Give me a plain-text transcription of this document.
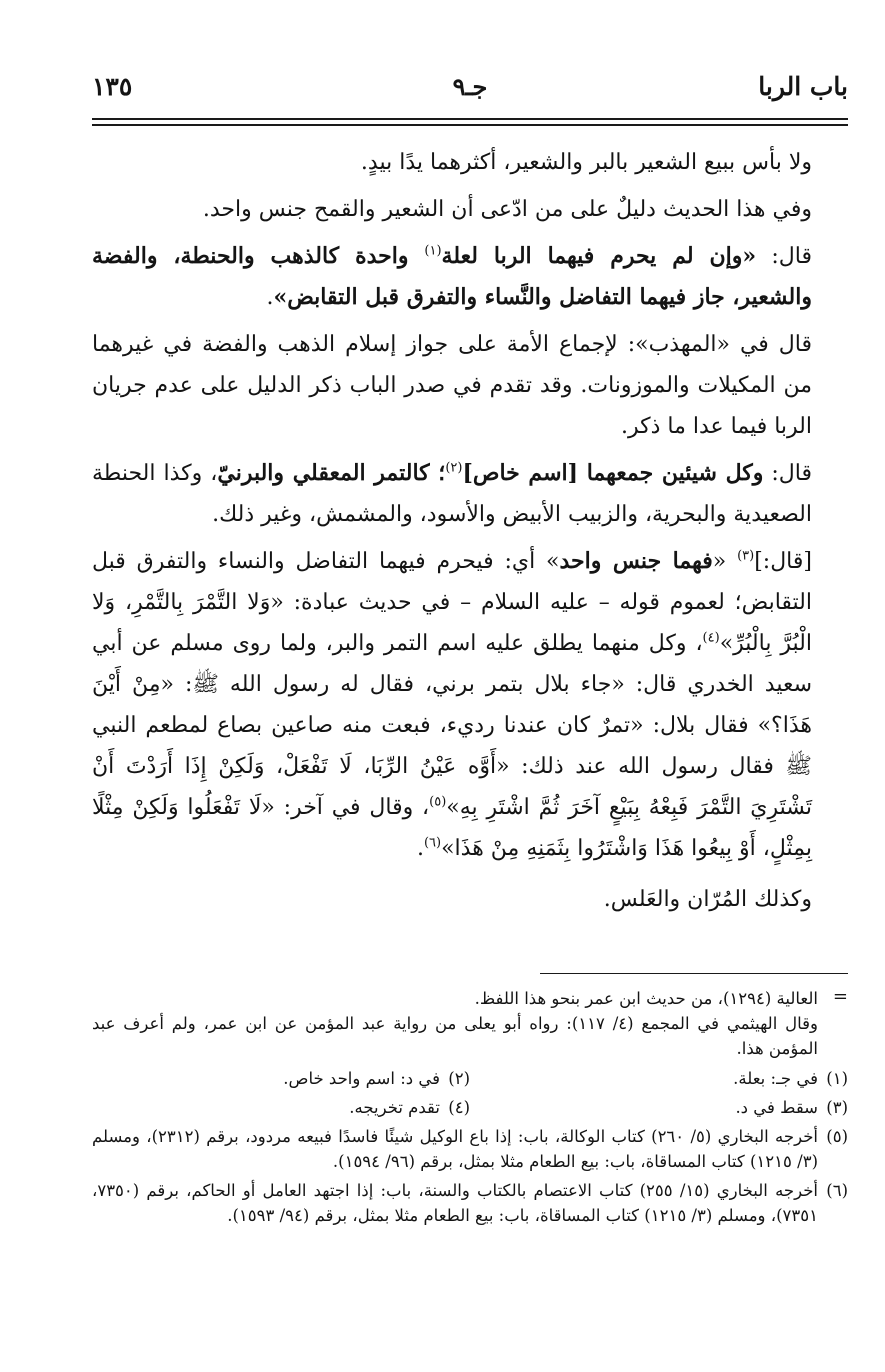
باب الربا
جـ٩
١٣٥

ولا بأس ببيع الشعير بالبر والشعير، أكثرهما يدًا بيدٍ.

وفي هذا الحديث دليلٌ على من ادّعى أن الشعير والقمح جنس واحد.

قال: «وإن لم يحرم فيهما الربا لعلة$^{(١)}$ واحدة كالذهب والحنطة، والفضة والشعير، جاز فيهما التفاضل والنَّساء والتفرق قبل التقابض».

قال في «المهذب»: لإجماع الأمة على جواز إسلام الذهب والفضة في غيرهما من المكيلات والموزونات. وقد تقدم في صدر الباب ذكر الدليل على عدم جريان الربا فيما عدا ما ذكر.

قال: وكل شيئين جمعهما [اسم خاص]$^{(٢)}$؛ كالتمر المعقلي والبرنيّ، وكذا الحنطة الصعيدية والبحرية، والزبيب الأبيض والأسود، والمشمش، وغير ذلك.

[قال:]$^{(٣)}$ «فهما جنس واحد» أي: فيحرم فيهما التفاضل والنساء والتفرق قبل التقابض؛ لعموم قوله – عليه السلام – في حديث عبادة: «وَلا التَّمْرَ بِالتَّمْرِ، وَلا الْبُرَّ بِالْبُرِّ»$^{(٤)}$، وكل منهما يطلق عليه اسم التمر والبر، ولما روى مسلم عن أبي سعيد الخدري قال: «جاء بلال بتمر برني، فقال له رسول الله ﷺ: «مِنْ أَيْنَ هَذَا؟» فقال بلال: «تمرٌ كان عندنا رديء، فبعت منه صاعين بصاع لمطعم النبي ﷺ فقال رسول الله عند ذلك: «أَوَّه عَيْنُ الرِّبَا، لَا تَفْعَلْ، وَلَكِنْ إِذَا أَرَدْتَ أَنْ تَشْتَرِيَ التَّمْرَ فَبِعْهُ بِبَيْعٍ آخَرَ ثُمَّ اشْتَرِ بِهِ»$^{(٥)}$، وقال في آخر: «لَا تَفْعَلُوا وَلَكِنْ مِثْلًا بِمِثْلٍ، أَوْ بِيعُوا هَذَا وَاشْتَرُوا بِثَمَنِهِ مِنْ هَذَا»$^{(٦)}$.

وكذلك المُرّان والعَلس.

=
العالية (١٢٩٤)، من حديث ابن عمر بنحو هذا اللفظ.
وقال الهيثمي في المجمع (٤/ ١١٧): رواه أبو يعلى من رواية عبد المؤمن عن ابن عمر، ولم أعرف عبد المؤمن هذا.
(١)
في جـ: بعلة.
(٢)
في د: اسم واحد خاص.
(٣)
سقط في د.
(٤)
تقدم تخريجه.
(٥)
أخرجه البخاري (٥/ ٢٦٠) كتاب الوكالة، باب: إذا باع الوكيل شيئًا فاسدًا فبيعه مردود، برقم (٢٣١٢)، ومسلم (٣/ ١٢١٥) كتاب المساقاة، باب: بيع الطعام مثلا بمثل، برقم (٩٦/ ١٥٩٤).
(٦)
أخرجه البخاري (١٥/ ٢٥٥) كتاب الاعتصام بالكتاب والسنة، باب: إذا اجتهد العامل أو الحاكم، برقم (٧٣٥٠، ٧٣٥١)، ومسلم (٣/ ١٢١٥) كتاب المساقاة، باب: بيع الطعام مثلا بمثل، برقم (٩٤/ ١٥٩٣).
